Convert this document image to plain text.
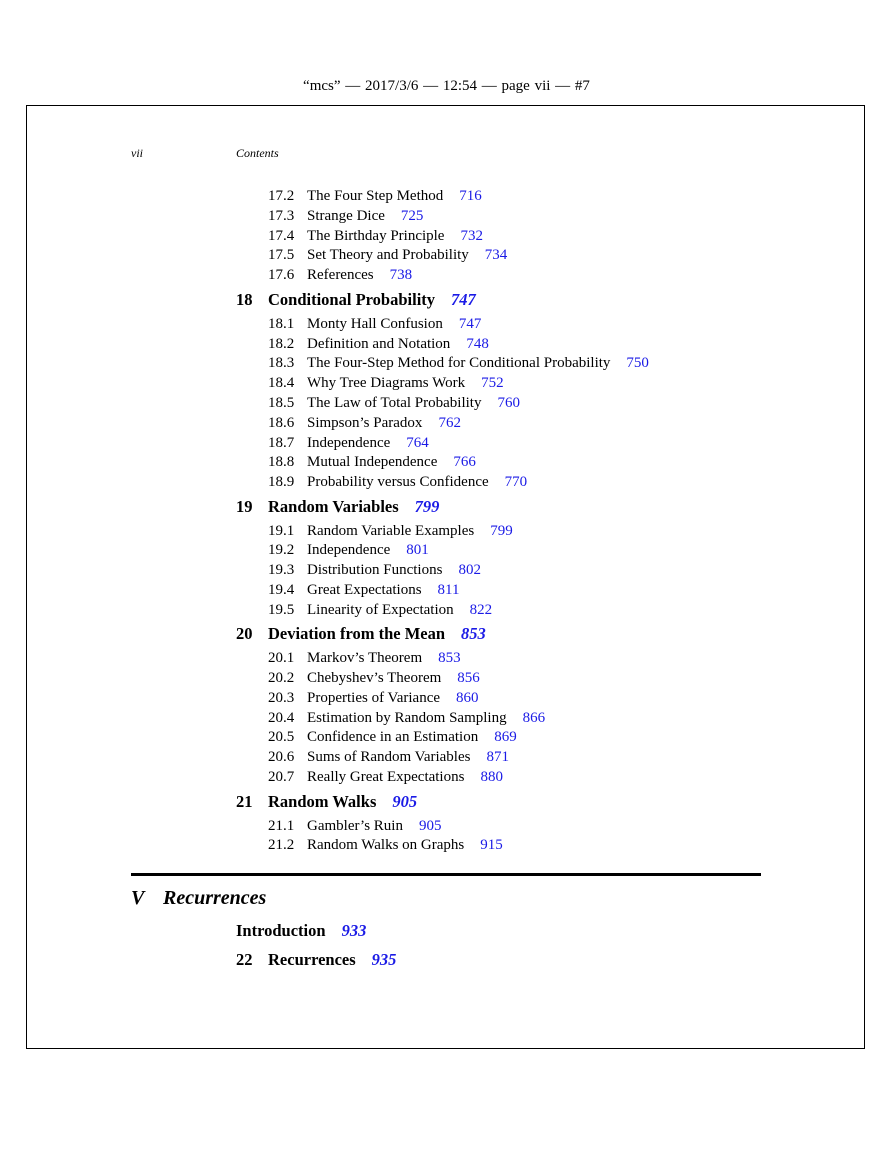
“mcs” — 2017/3/6 — 12:54 — page vii — #7
vii	Contents
17.2 The Four Step Method 716
17.3 Strange Dice 725
17.4 The Birthday Principle 732
17.5 Set Theory and Probability 734
17.6 References 738
18 Conditional Probability 747
18.1 Monty Hall Confusion 747
18.2 Definition and Notation 748
18.3 The Four-Step Method for Conditional Probability 750
18.4 Why Tree Diagrams Work 752
18.5 The Law of Total Probability 760
18.6 Simpson’s Paradox 762
18.7 Independence 764
18.8 Mutual Independence 766
18.9 Probability versus Confidence 770
19 Random Variables 799
19.1 Random Variable Examples 799
19.2 Independence 801
19.3 Distribution Functions 802
19.4 Great Expectations 811
19.5 Linearity of Expectation 822
20 Deviation from the Mean 853
20.1 Markov’s Theorem 853
20.2 Chebyshev’s Theorem 856
20.3 Properties of Variance 860
20.4 Estimation by Random Sampling 866
20.5 Confidence in an Estimation 869
20.6 Sums of Random Variables 871
20.7 Really Great Expectations 880
21 Random Walks 905
21.1 Gambler’s Ruin 905
21.2 Random Walks on Graphs 915
V Recurrences
Introduction 933
22 Recurrences 935
